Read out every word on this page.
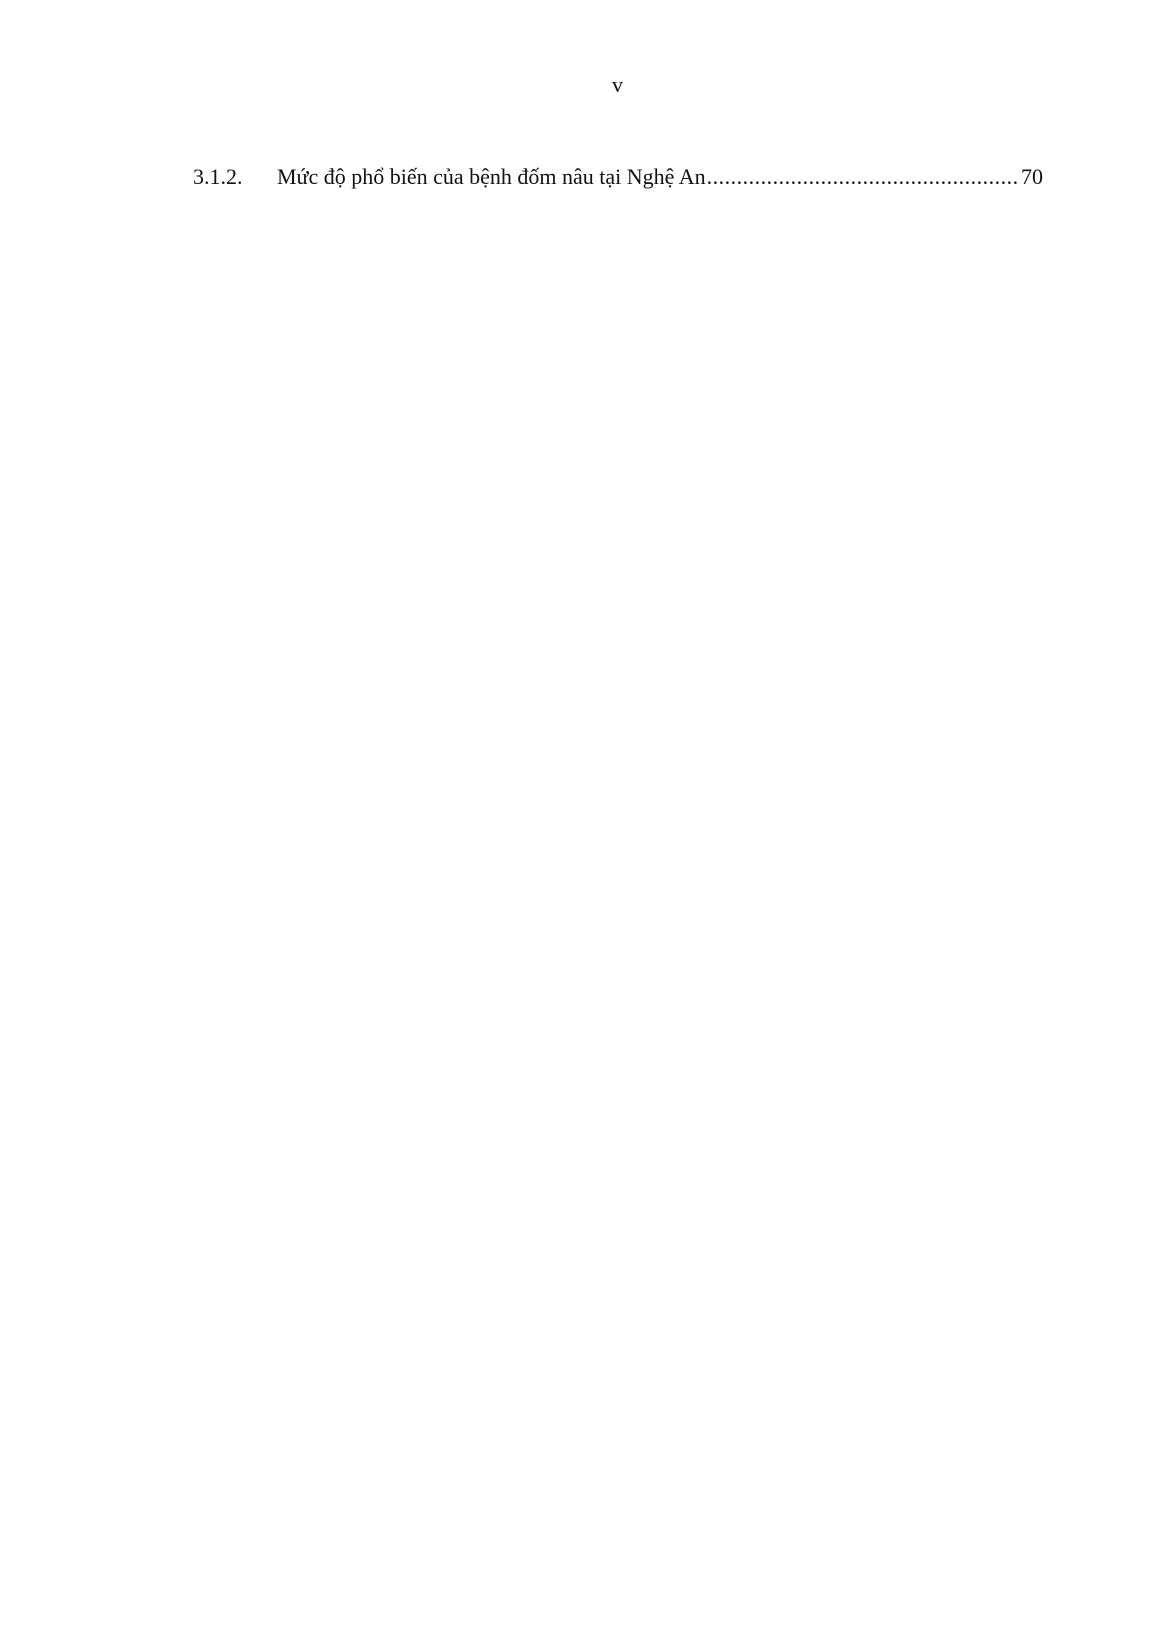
v
3.1.2.	Mức độ phổ biến của bệnh đốm nâu tại Nghệ An
.....	70
